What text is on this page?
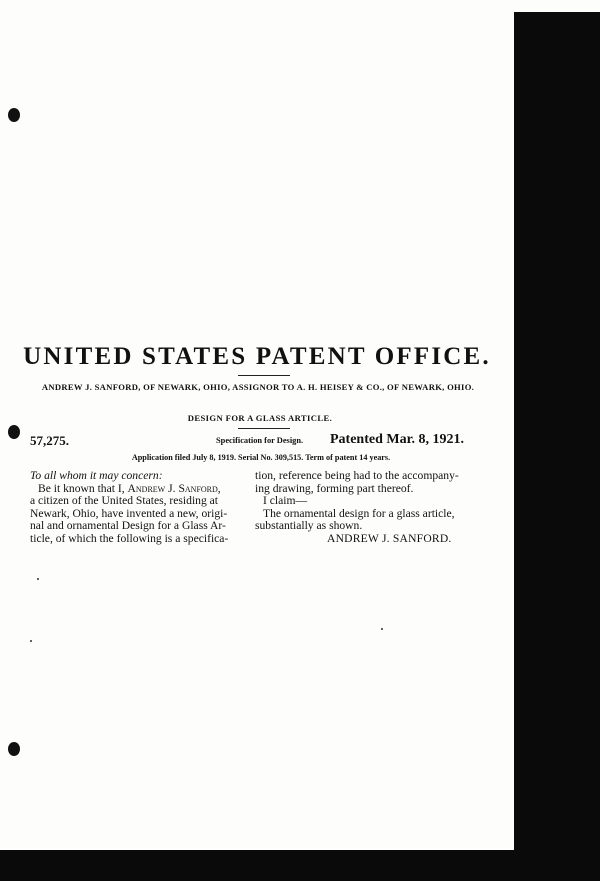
UNITED STATES PATENT OFFICE.
ANDREW J. SANFORD, OF NEWARK, OHIO, ASSIGNOR TO A. H. HEISEY & CO., OF NEWARK, OHIO.
DESIGN FOR A GLASS ARTICLE.
57,275.	Specification for Design. Patented Mar. 8, 1921.
Application filed July 8, 1919. Serial No. 309,515. Term of patent 14 years.

To all whom it may concern:

Be it known that I, Andrew J. Sanford,

a citizen of the United States, residing at

Newark, Ohio, have invented a new, origi-

nal and ornamental Design for a Glass Ar-

ticle, of which the following is a specifica-

tion, reference being had to the accompany-

ing drawing, forming part thereof.

I claim—

The ornamental design for a glass article,

substantially as shown.

ANDREW J. SANFORD.
